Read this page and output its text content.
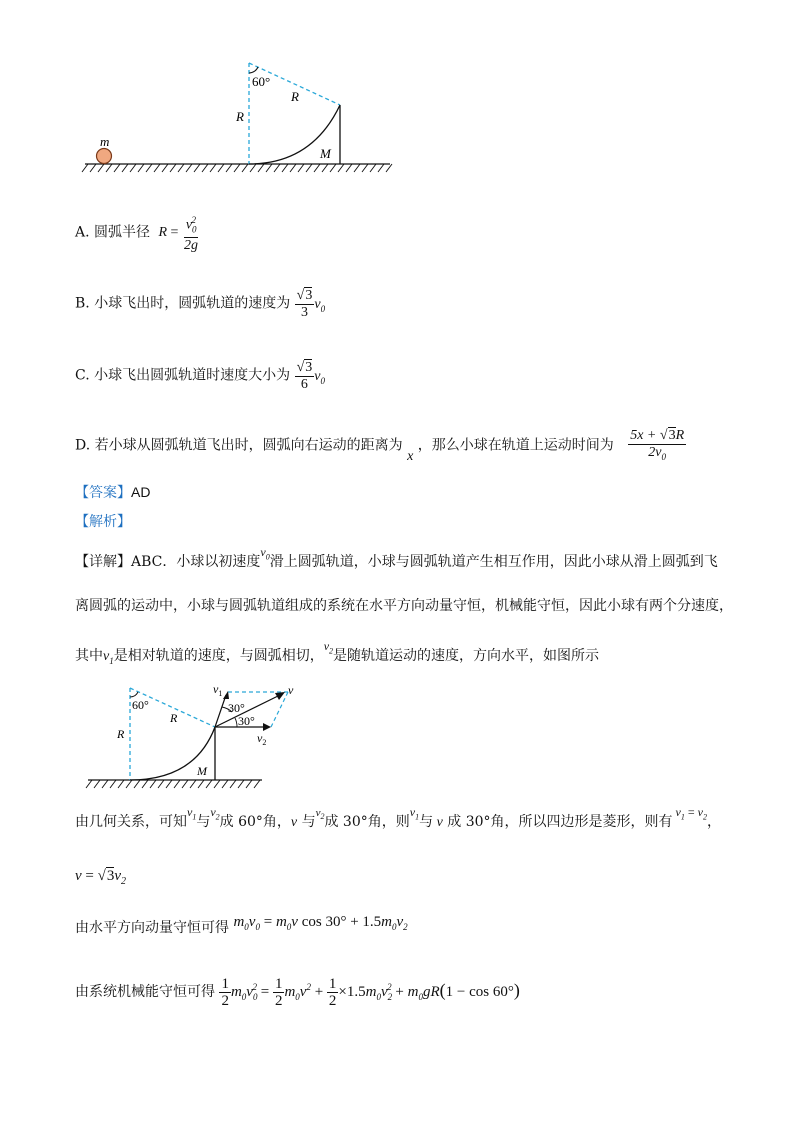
m
60°
R
R
M
A. 圆弧半径 $R = \frac{v_0^2}{2g}$
B. 小球飞出时，圆弧轨道的速度为 $\frac{√3}{3} v_0$
C. 小球飞出圆弧轨道时速度大小为 $\frac{√3}{6} v_0$
D. 若小球从圆弧轨道飞出时，圆弧向右运动的距离为 x ，那么小球在轨道上运动时间为 $\frac{5x + √3R}{2v_0}$
【答案】AD
【解析】
【详解】ABC．小球以初速度$v_0$滑上圆弧轨道，小球与圆弧轨道产生相互作用，因此小球从滑上圆弧到飞
离圆弧的运动中，小球与圆弧轨道组成的系统在水平方向动量守恒，机械能守恒，因此小球有两个分速度，
其中$v_1$是相对轨道的速度，与圆弧相切，$v_2$是随轨道运动的速度，方向水平，如图所示
60°
R
R
M
30°
30°
$v_1$	v
$v_2$
由几何关系，可知$v_1$与$v_2$成 60°角，v 与$^{v_2}$成 30°角，则$v_1$与 v 成 30°角，所以四边形是菱形，则有 $v_1 = v_2$，
$v = √3v_2$
由水平方向动量守恒可得 $m_0v_0 = m_0v$ $\cos 30^\circ + 1.5m_0v_2$
由系统机械能守恒可得 $\frac{1}{2} m_0v_0^2 = \frac{1}{2} m_0v^2 + \frac{1}{2} \times 1.5m_0v_2^2 + m_0gR(1 - \cos 60^\circ)$
